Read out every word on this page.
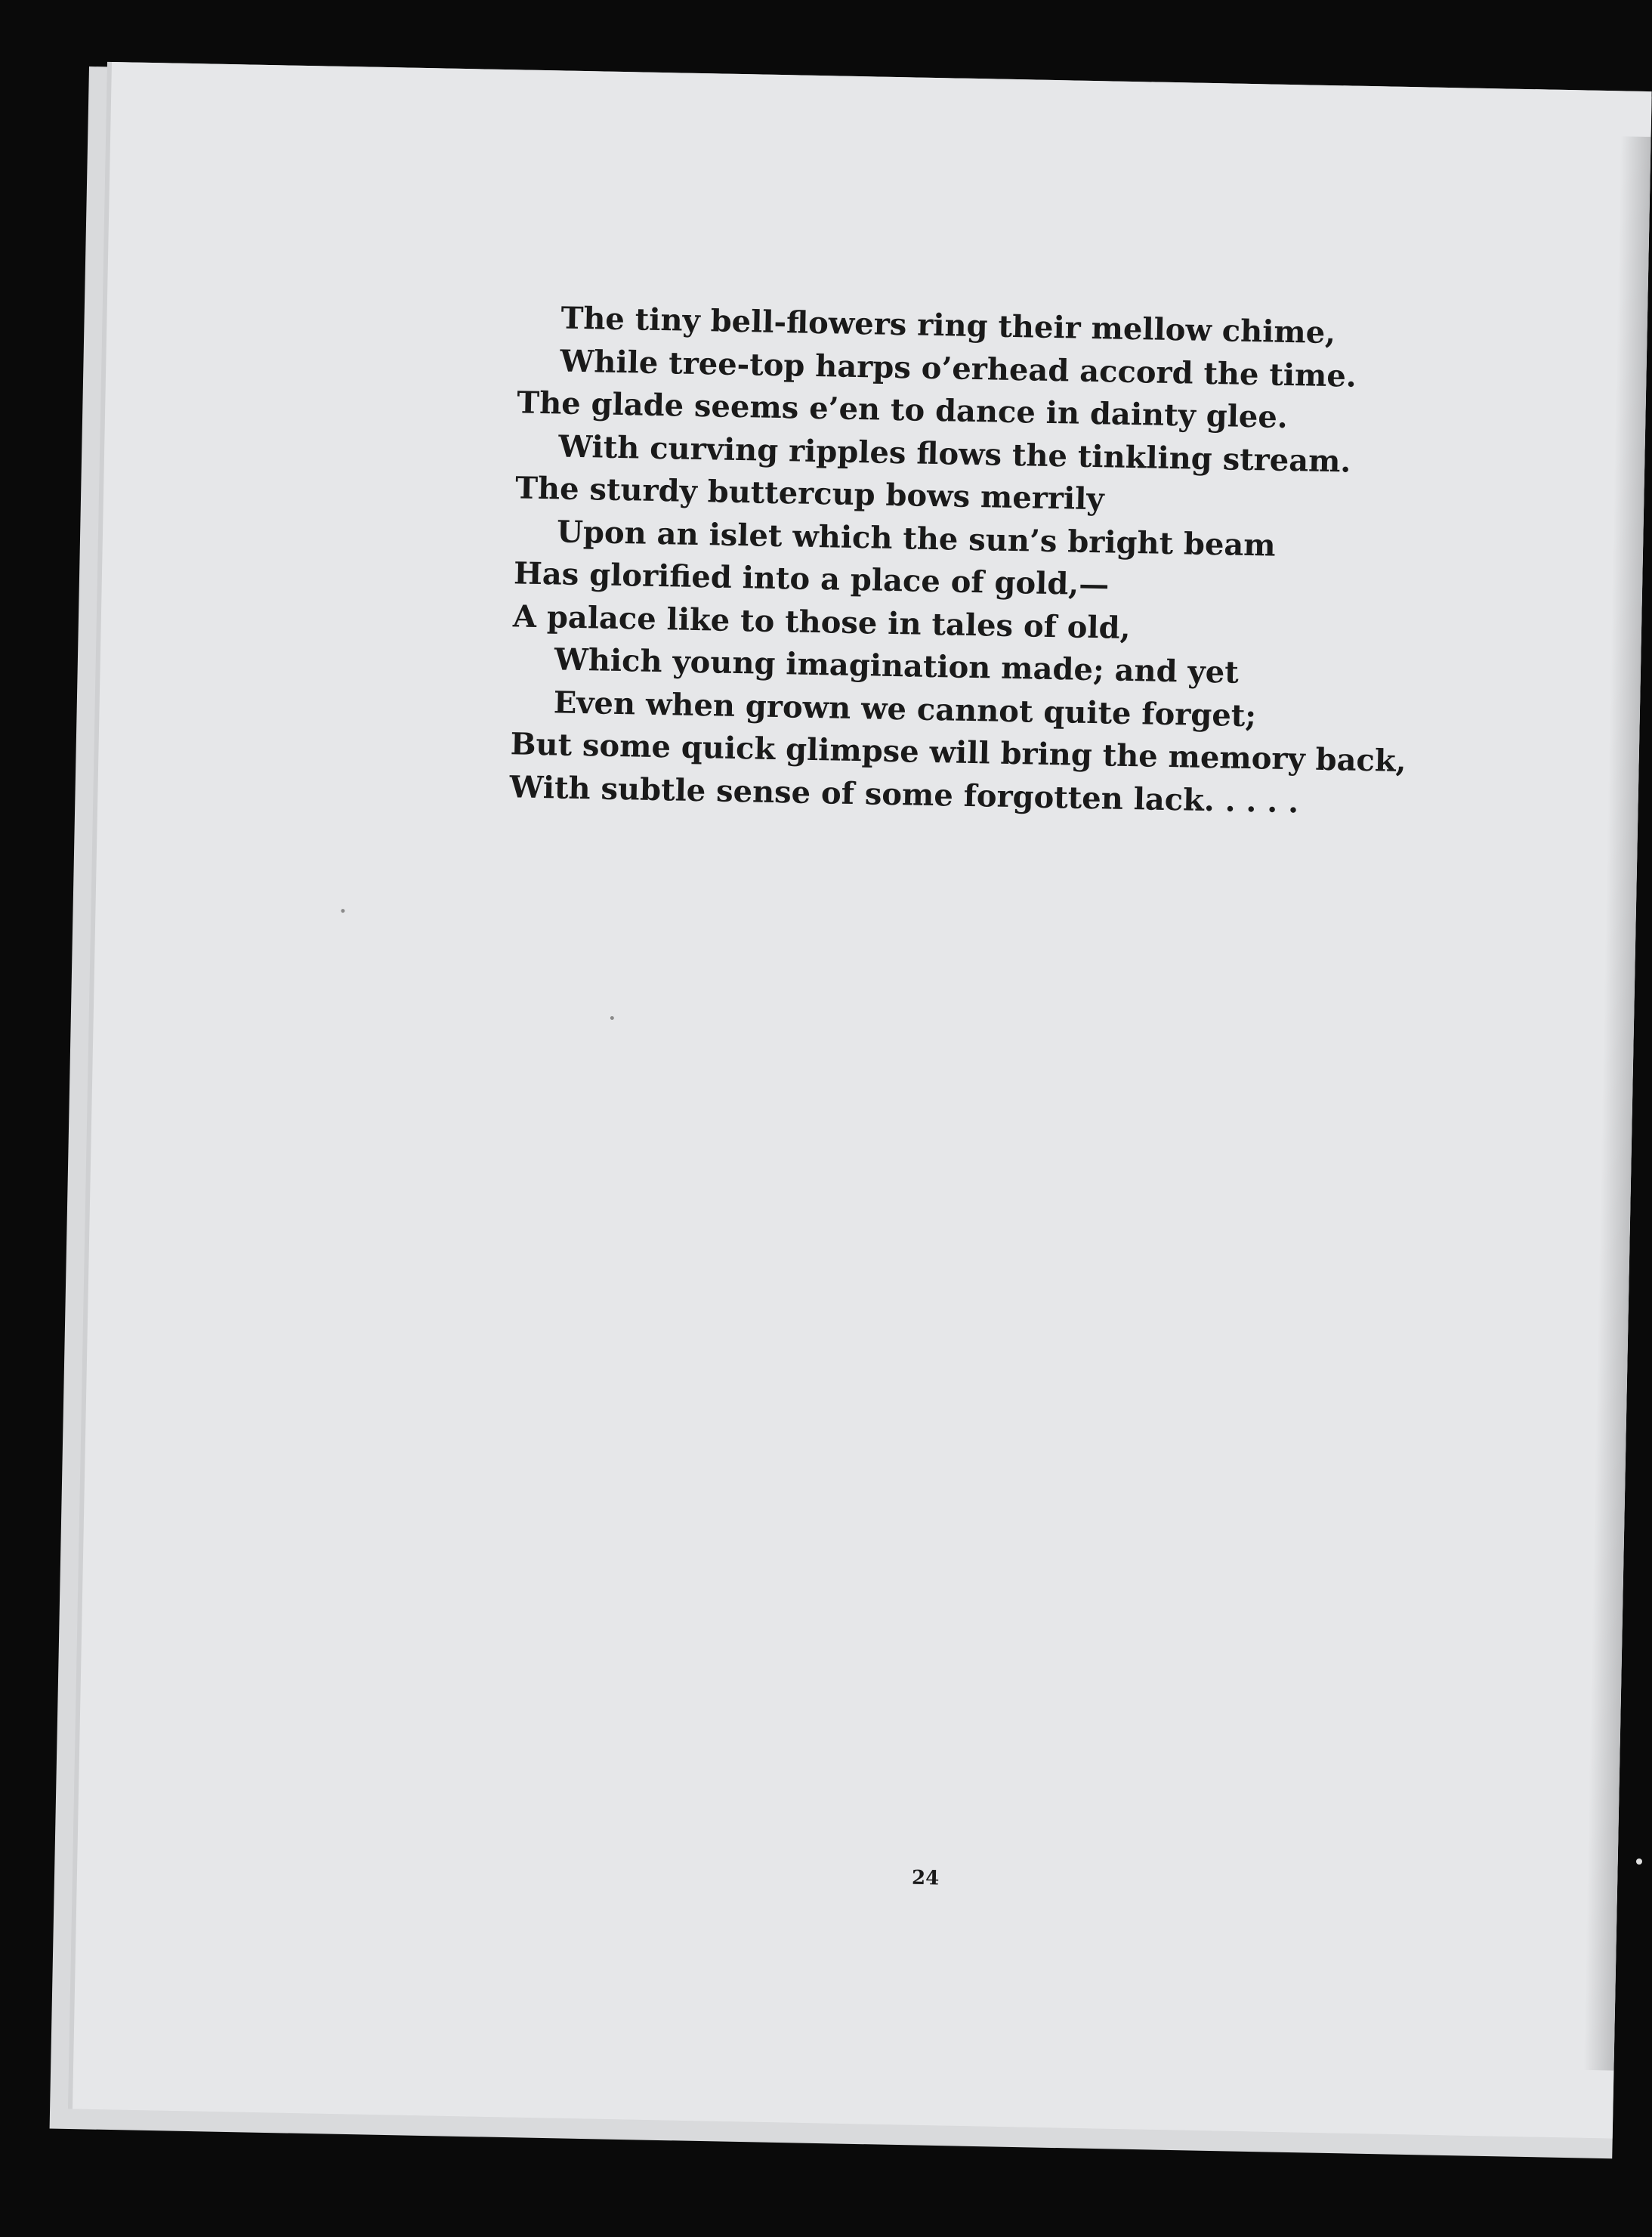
The tiny bell-flowers ring their mellow chime,
While tree-top harps o’erhead accord the time.
The glade seems e’en to dance in dainty glee.
With curving ripples flows the tinkling stream.
The sturdy buttercup bows merrily
Upon an islet which the sun’s bright beam
Has glorified into a place of gold,—
A palace like to those in tales of old,
Which young imagination made; and yet
Even when grown we cannot quite forget;
But some quick glimpse will bring the memory back,
With subtle sense of some forgotten lack. . . . .
24
